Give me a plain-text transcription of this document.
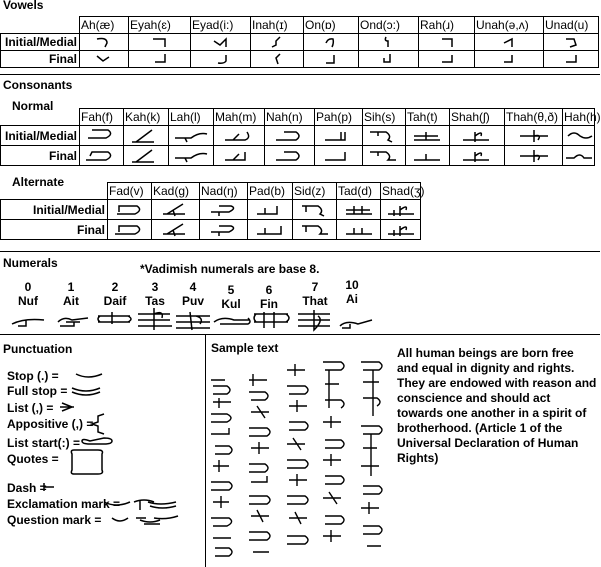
Vowels
	Ah(æ)	Eyah(ɛ)	Eyad(i:)	Inah(ɪ)	On(ɒ)	Ond(ɔ:)	Rah(ɹ)	Unah(ə,ʌ)	Unad(u)
Initial/Medial	

Final	

Consonants
Normal
	Fah(f)	Kah(k)	Lah(l)	Mah(m)	Nah(n)	Pah(p)	Sih(s)	Tah(t)	Shah(ʃ)	Thah(θ,ð)	Hah(h)
Initial/Medial	

Final	

Alternate
	Fad(v)	Kad(g)	Nad(ŋ)	Pad(b)	Sid(z)	Tad(d)	Shad(ʒ)
Initial/Medial	

Final	

Numerals	*Vadimish numerals are base 8.
0
Nuf
1
Ait
2
Daif
3
Tas
4
Puv
5
Kul
6
Fin
7
That
10
Ai
Punctuation
Stop (.) =
Full stop =
List (,) =
Appositive (,) =
List start(:) =
Quotes =
Dash =
Exclamation mark =
Question mark =
Sample text	All human beings are born free and equal in dignity and rights. They are endowed with reason and conscience and should act towards one another in a spirit of brotherhood. (Article 1 of the Universal Declaration of Human Rights)
